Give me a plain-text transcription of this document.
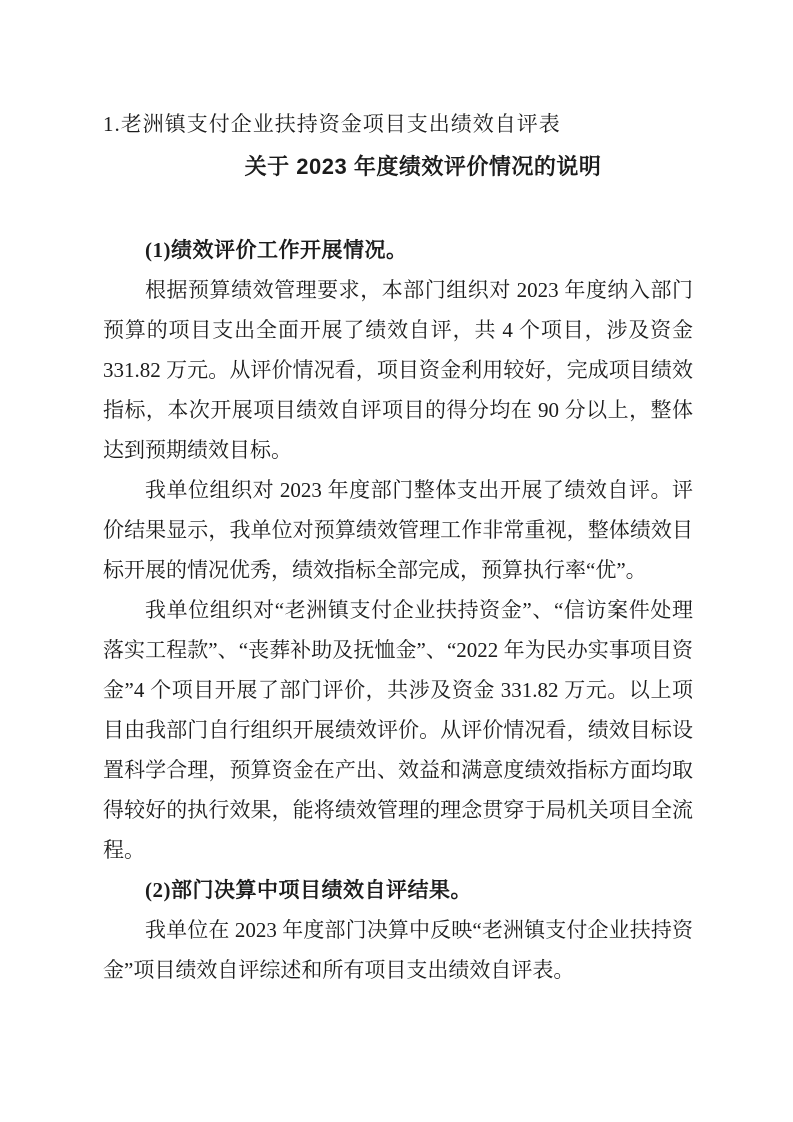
1.老洲镇支付企业扶持资金项目支出绩效自评表

关于 2023 年度绩效评价情况的说明
(1)绩效评价工作开展情况。

根据预算绩效管理要求，本部门组织对 2023 年度纳入部门预算的项目支出全面开展了绩效自评，共 4 个项目，涉及资金 331.82 万元。从评价情况看，项目资金利用较好，完成项目绩效指标，本次开展项目绩效自评项目的得分均在 90 分以上，整体达到预期绩效目标。

我单位组织对 2023 年度部门整体支出开展了绩效自评。评价结果显示，我单位对预算绩效管理工作非常重视，整体绩效目标开展的情况优秀，绩效指标全部完成，预算执行率“优”。

我单位组织对“老洲镇支付企业扶持资金”、“信访案件处理落实工程款”、“丧葬补助及抚恤金”、“2022 年为民办实事项目资金”4 个项目开展了部门评价，共涉及资金 331.82 万元。以上项目由我部门自行组织开展绩效评价。从评价情况看，绩效目标设置科学合理，预算资金在产出、效益和满意度绩效指标方面均取得较好的执行效果，能将绩效管理的理念贯穿于局机关项目全流程。

(2)部门决算中项目绩效自评结果。

我单位在 2023 年度部门决算中反映“老洲镇支付企业扶持资金”项目绩效自评综述和所有项目支出绩效自评表。
